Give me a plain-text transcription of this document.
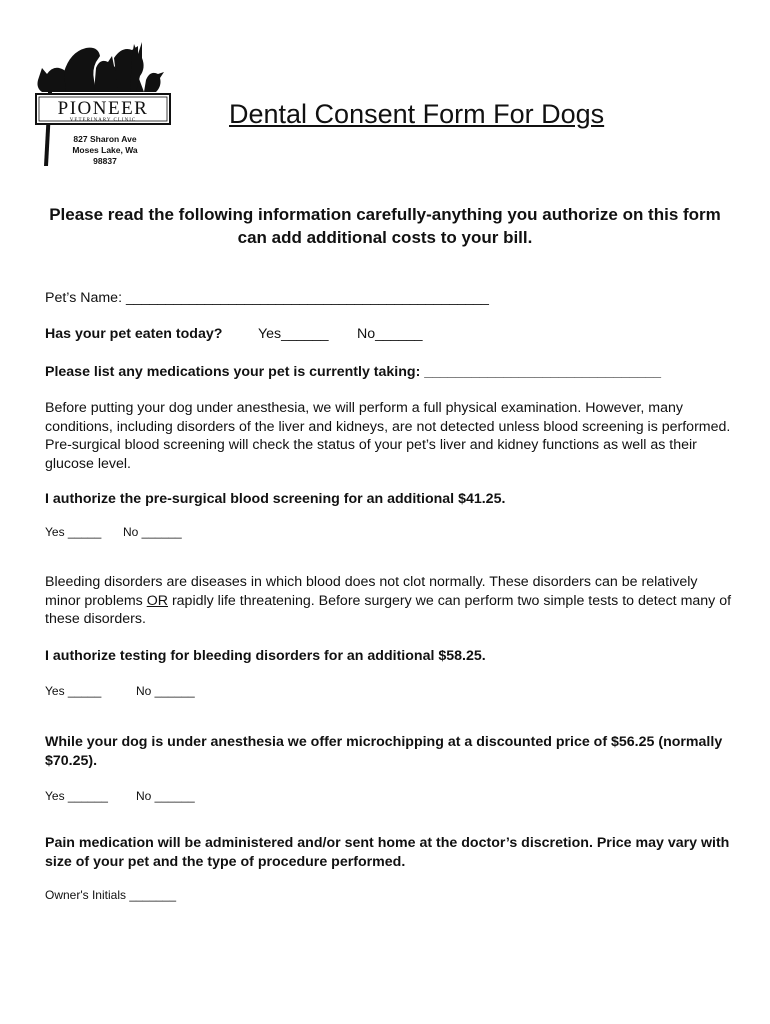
PIONEER
VETERINARY CLINIC
827 Sharon Ave
Moses Lake, Wa
98837
Dental Consent Form For Dogs
Please read the following information carefully-anything you authorize on this form can add additional costs to your bill.
Pet’s Name: ______________________________________________
Has your pet eaten today?	Yes______ No______
Please list any medications your pet is currently taking: ______________________________
Before putting your dog under anesthesia, we will perform a full physical examination. However, many conditions, including disorders of the liver and kidneys, are not detected unless blood screening is performed. Pre-surgical blood screening will check the status of your pet’s liver and kidney functions as well as their glucose level.
I authorize the pre-surgical blood screening for an additional $41.25.
Yes _____ No ______
Bleeding disorders are diseases in which blood does not clot normally. These disorders can be relatively minor problems OR rapidly life threatening. Before surgery we can perform two simple tests to detect many of these disorders.
I authorize testing for bleeding disorders for an additional $58.25.
Yes _____	No ______
While your dog is under anesthesia we offer microchipping at a discounted price of $56.25 (normally $70.25).
Yes ______ No ______
Pain medication will be administered and/or sent home at the doctor’s discretion. Price may vary with size of your pet and the type of procedure performed.
Owner's Initials _______
